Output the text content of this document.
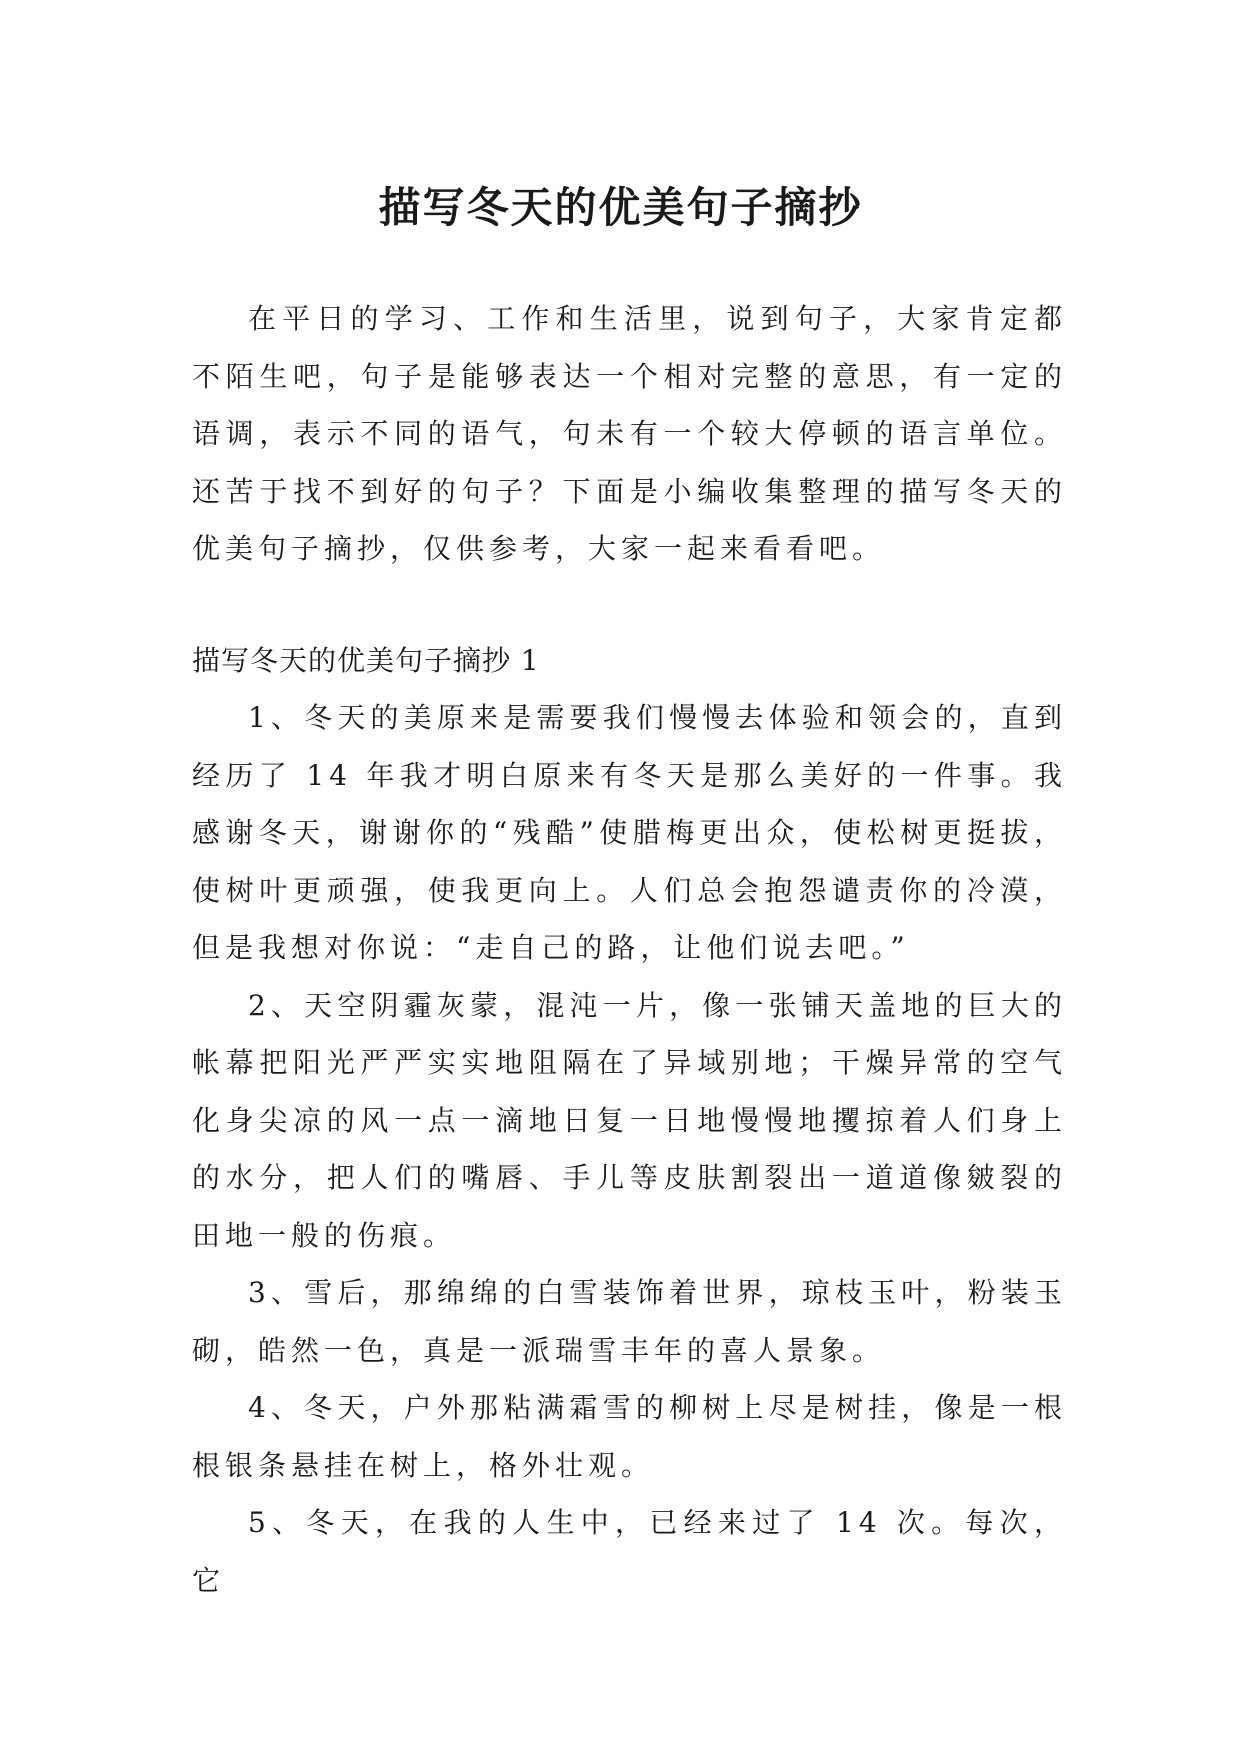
描写冬天的优美句子摘抄

在平日的学习、工作和生活里，说到句子，大家肯定都不陌生吧，句子是能够表达一个相对完整的意思，有一定的语调，表示不同的语气，句未有一个较大停顿的语言单位。还苦于找不到好的句子？下面是小编收集整理的描写冬天的优美句子摘抄，仅供参考，大家一起来看看吧。

描写冬天的优美句子摘抄 1

1、冬天的美原来是需要我们慢慢去体验和领会的，直到经历了 14 年我才明白原来有冬天是那么美好的一件事。我感谢冬天，谢谢你的“残酷”使腊梅更出众，使松树更挺拔，使树叶更顽强，使我更向上。人们总会抱怨谴责你的冷漠，但是我想对你说：“走自己的路，让他们说去吧。”

2、天空阴霾灰蒙，混沌一片，像一张铺天盖地的巨大的帐幕把阳光严严实实地阻隔在了异域别地；干燥异常的空气化身尖凉的风一点一滴地日复一日地慢慢地攫掠着人们身上的水分，把人们的嘴唇、手儿等皮肤割裂出一道道像皴裂的田地一般的伤痕。

3、雪后，那绵绵的白雪装饰着世界，琼枝玉叶，粉装玉砌，皓然一色，真是一派瑞雪丰年的喜人景象。

4、冬天，户外那粘满霜雪的柳树上尽是树挂，像是一根根银条悬挂在树上，格外壮观。

5、冬天，在我的人生中，已经来过了 14 次。每次，它
